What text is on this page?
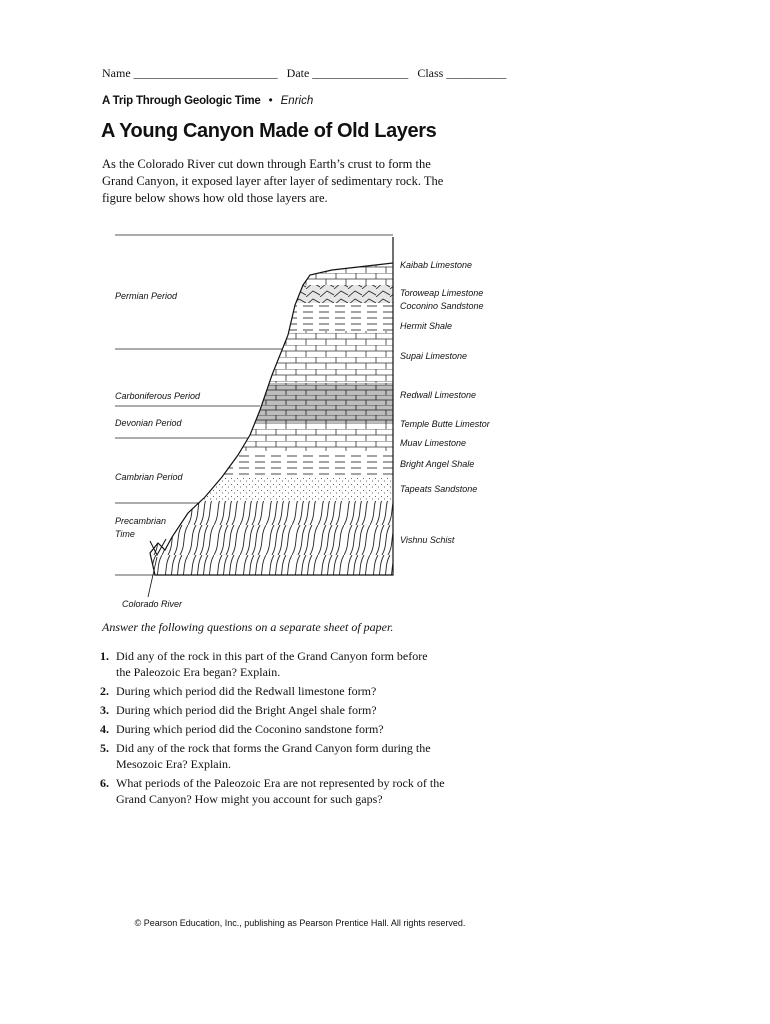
Name ________________________ Date ________________ Class __________
A Trip Through Geologic Time • Enrich
A Young Canyon Made of Old Layers
As the Colorado River cut down through Earth’s crust to form the Grand Canyon, it exposed layer after layer of sedimentary rock. The figure below shows how old those layers are.
Kaibab Limestone
Toroweap Limestone
Coconino Sandstone
Hermit Shale
Supai Limestone
Redwall Limestone
Temple Butte Limestone
Muav Limestone
Bright Angel Shale
Tapeats Sandstone
Vishnu Schist
Permian Period
Carboniferous Period
Devonian Period
Cambrian Period
Precambrian
Time
Colorado River
Answer the following questions on a separate sheet of paper.
1. Did any of the rock in this part of the Grand Canyon form before the Paleozoic Era began? Explain.
2. During which period did the Redwall limestone form?
3. During which period did the Bright Angel shale form?
4. During which period did the Coconino sandstone form?
5. Did any of the rock that forms the Grand Canyon form during the Mesozoic Era? Explain.
6. What periods of the Paleozoic Era are not represented by rock of the Grand Canyon? How might you account for such gaps?
© Pearson Education, Inc., publishing as Pearson Prentice Hall. All rights reserved.
